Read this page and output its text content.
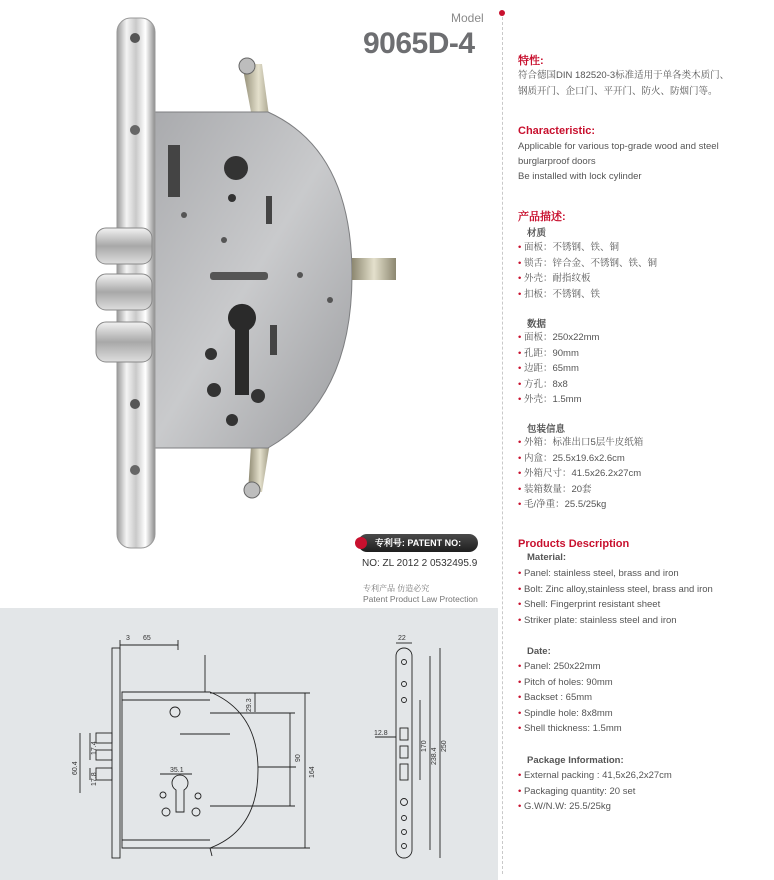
Model
9065D-4
专利号: PATENT NO:
NO: ZL 2012 2 0532495.9
专利产品 仿造必究
Patent Product Law Protection
65
3
29.3
90
164
17.4
17.8
60.4	35.1
22
12.8
170
238.4
250
特性:
符合德国DIN 182520-3标准适用于单各类木质门、
钢质开门、企口门、平开门、防火、防烟门等。
Characteristic:
Applicable for various top-grade wood and steel
burglarproof doors
Be installed with lock cylinder
产品描述:
材质
• 面板：不锈钢、铁、铜
• 锁舌：锌合金、不锈钢、铁、铜
• 外壳：耐指纹板
• 扣板：不锈钢、铁
数据
• 面板：250x22mm
• 孔距：90mm
• 边距：65mm
• 方孔：8x8
• 外壳：1.5mm
包装信息
• 外箱：标准出口5层牛皮纸箱
• 内盒：25.5x19.6x2.6cm
• 外箱尺寸：41.5x26.2x27cm
• 装箱数量：20套
• 毛/净重：25.5/25kg
Products Description
Material:
• Panel: stainless steel, brass and iron
• Bolt: Zinc alloy,stainless steel, brass and iron
• Shell: Fingerprint resistant sheet
• Striker plate: stainless steel and iron
Date:
• Panel: 250x22mm
• Pitch of holes: 90mm
• Backset : 65mm
• Spindle hole: 8x8mm
• Shell thickness: 1.5mm
Package Information:
• External packing : 41,5x26,2x27cm
• Packaging quantity: 20 set
• G.W/N.W: 25.5/25kg
